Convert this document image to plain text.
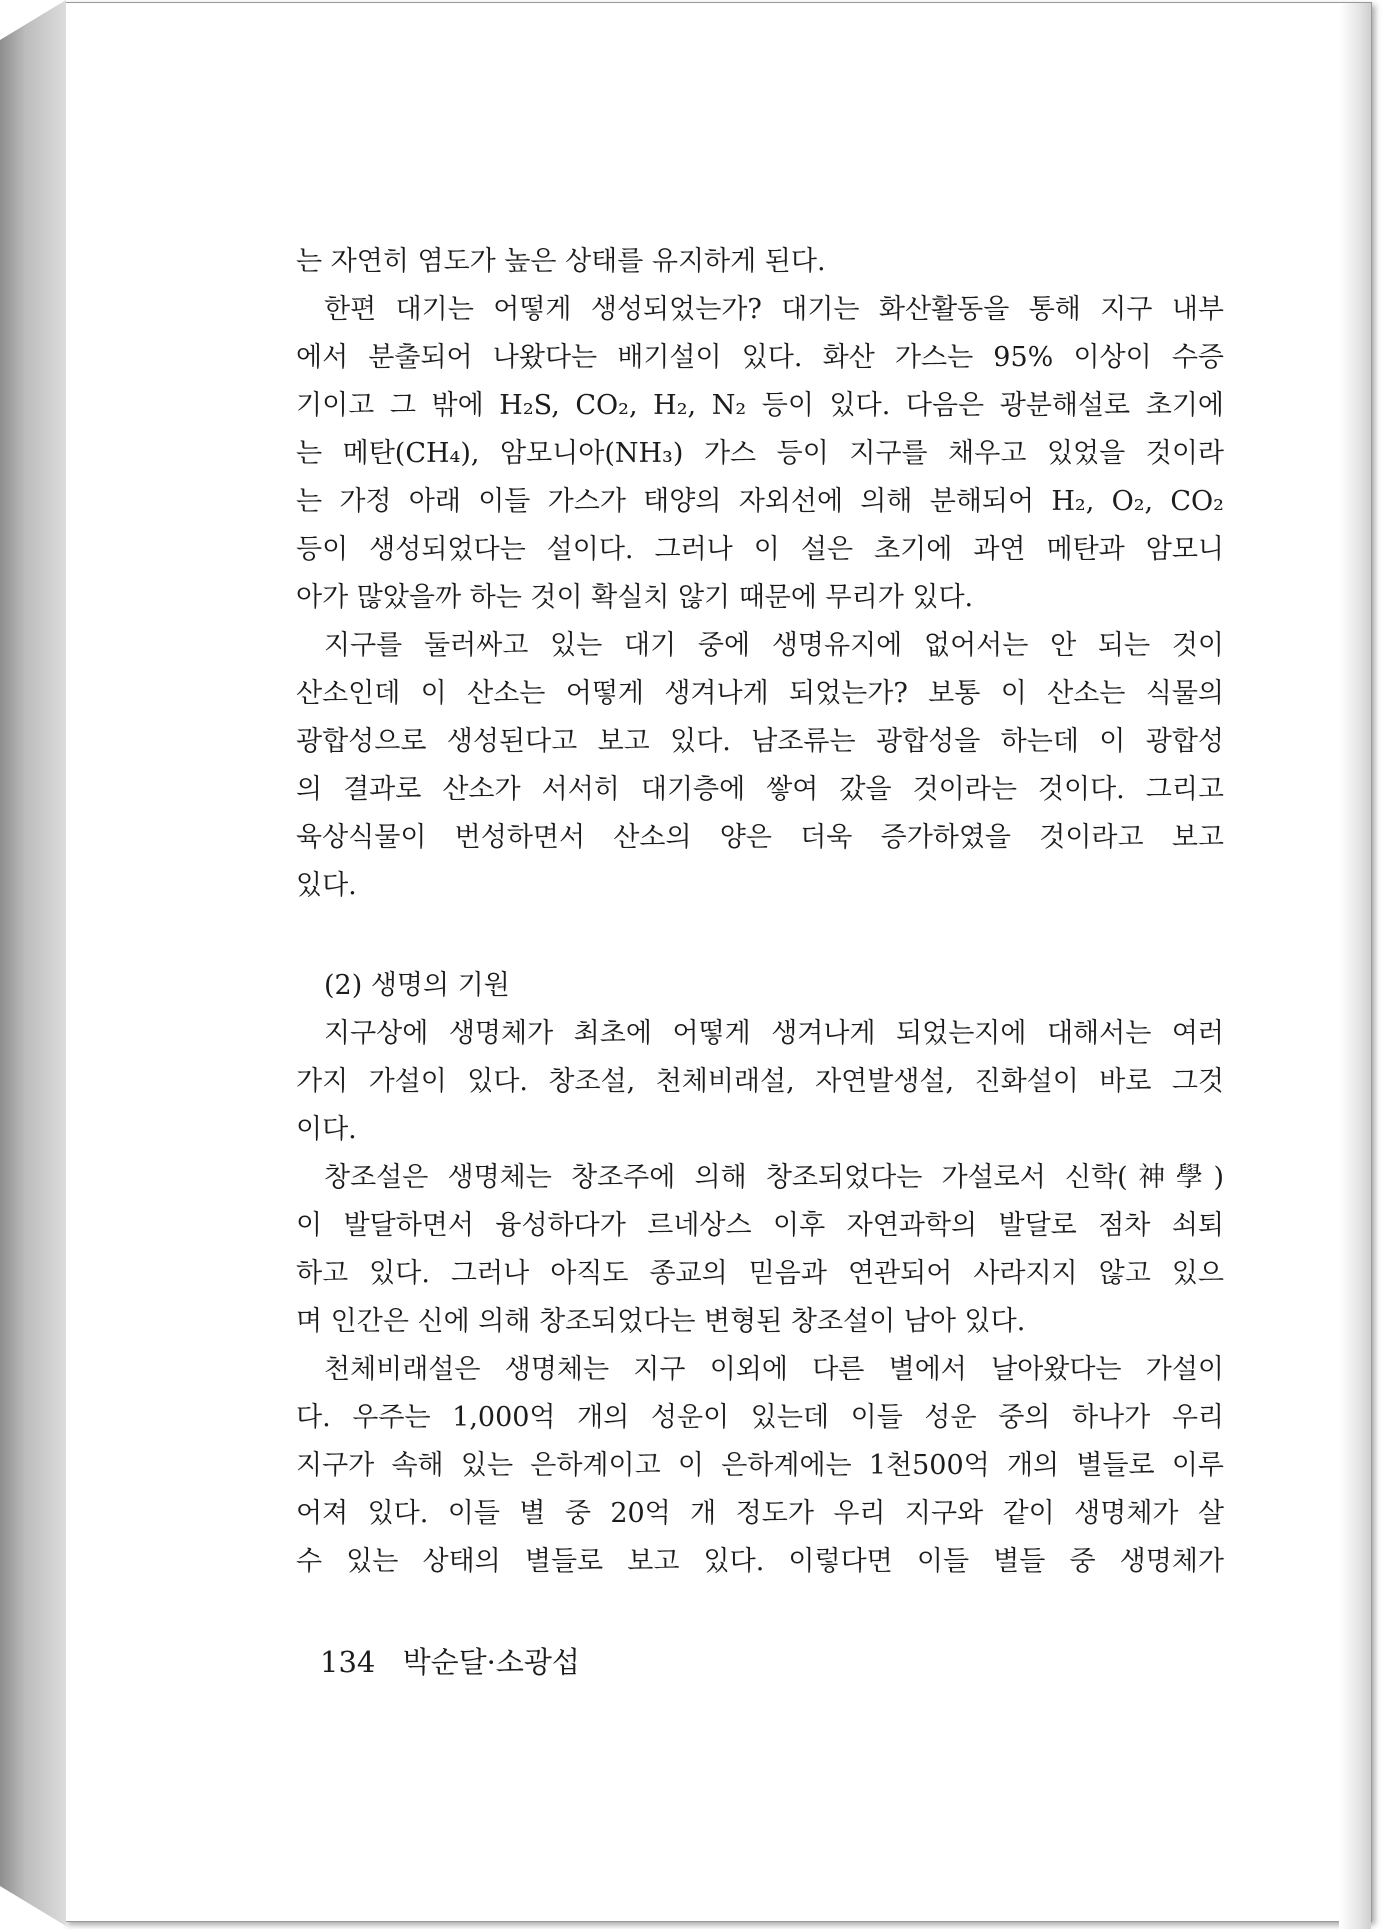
는 자연히 염도가 높은 상태를 유지하게 된다.
한편 대기는 어떻게 생성되었는가? 대기는 화산활동을 통해 지구 내부
에서 분출되어 나왔다는 배기설이 있다. 화산 가스는 95% 이상이 수증
기이고 그 밖에 H₂S, CO₂, H₂, N₂ 등이 있다. 다음은 광분해설로 초기에
는 메탄(CH₄), 암모니아(NH₃) 가스 등이 지구를 채우고 있었을 것이라
는 가정 아래 이들 가스가 태양의 자외선에 의해 분해되어 H₂, O₂, CO₂
등이 생성되었다는 설이다. 그러나 이 설은 초기에 과연 메탄과 암모니
아가 많았을까 하는 것이 확실치 않기 때문에 무리가 있다.
지구를 둘러싸고 있는 대기 중에 생명유지에 없어서는 안 되는 것이
산소인데 이 산소는 어떻게 생겨나게 되었는가? 보통 이 산소는 식물의
광합성으로 생성된다고 보고 있다. 남조류는 광합성을 하는데 이 광합성
의 결과로 산소가 서서히 대기층에 쌓여 갔을 것이라는 것이다. 그리고
육상식물이 번성하면서 산소의 양은 더욱 증가하였을 것이라고 보고
있다.
(2) 생명의 기원
지구상에 생명체가 최초에 어떻게 생겨나게 되었는지에 대해서는 여러
가지 가설이 있다. 창조설, 천체비래설, 자연발생설, 진화설이 바로 그것
이다.
창조설은 생명체는 창조주에 의해 창조되었다는 가설로서 신학(神學)
이 발달하면서 융성하다가 르네상스 이후 자연과학의 발달로 점차 쇠퇴
하고 있다. 그러나 아직도 종교의 믿음과 연관되어 사라지지 않고 있으
며 인간은 신에 의해 창조되었다는 변형된 창조설이 남아 있다.
천체비래설은 생명체는 지구 이외에 다른 별에서 날아왔다는 가설이
다. 우주는 1,000억 개의 성운이 있는데 이들 성운 중의 하나가 우리
지구가 속해 있는 은하계이고 이 은하계에는 1천500억 개의 별들로 이루
어져 있다. 이들 별 중 20억 개 정도가 우리 지구와 같이 생명체가 살
수 있는 상태의 별들로 보고 있다. 이렇다면 이들 별들 중 생명체가
134 박순달·소광섭
